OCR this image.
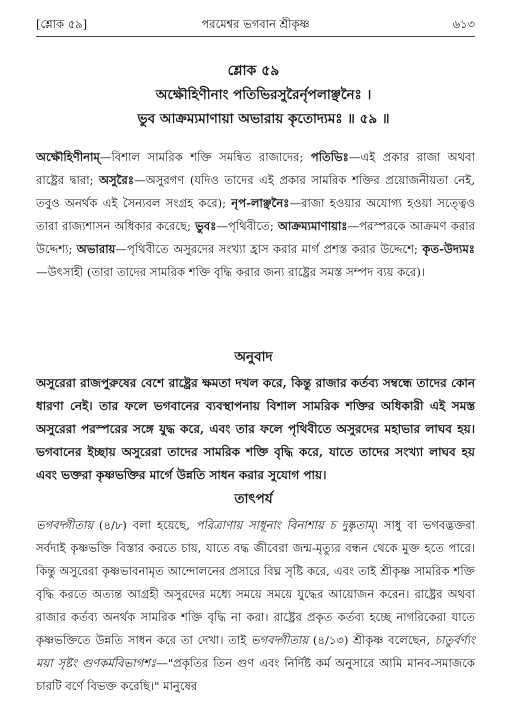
[শ্লোক ৫৯]	পরমেশ্বর ভগবান শ্রীকৃষ্ণ	৬১৩
শ্লোক ৫৯
অক্ষৌহিণীনাং পতিভিরসুরৈর্নৃপলাঞ্ছনৈঃ ।
ভুব আক্রম্যমাণায়া অভারায় কৃতোদ্যমঃ ॥ ৫৯ ॥

অক্ষৌহিণীনাম্—বিশাল সামরিক শক্তি সমন্বিত রাজাদের; পতিভিঃ—এই প্রকার রাজা অথবা রাষ্ট্রের দ্বারা; অসুরৈঃ—অসুরগণ (যদিও তাদের এই প্রকার সামরিক শক্তির প্রয়োজনীয়তা নেই, তবুও অনর্থক এই সৈন্যবল সংগ্রহ করে); নৃপ-লাঞ্ছনৈঃ—রাজা হওয়ার অযোগ্য হওয়া সত্ত্বেও তারা রাজ্যশাসন অধিকার করেছে; ভুবঃ—পৃথিবীতে; আক্রম্যমাণায়াঃ—পরস্পরকে আক্রমণ করার উদ্দেশ্য; অভারায়—পৃথিবীতে অসুরদের সংখ্যা হ্রাস করার মার্গ প্রশস্ত করার উদ্দেশে; কৃত-উদ্যমঃ—উৎসাহী (তারা তাদের সামরিক শক্তি বৃদ্ধি করার জন্য রাষ্ট্রের সমস্ত সম্পদ ব্যয় করে)।

অনুবাদ

অসুরেরা রাজপুরুষের বেশে রাষ্ট্রের ক্ষমতা দখল করে, কিন্তু রাজার কর্তব্য সম্বন্ধে তাদের কোন ধারণা নেই। তার ফলে ভগবানের ব্যবস্থাপনায় বিশাল সামরিক শক্তির অধিকারী এই সমস্ত অসুরেরা পরস্পরের সঙ্গে যুদ্ধ করে, এবং তার ফলে পৃথিবীতে অসুরদের মহাভার লাঘব হয়। ভগবানের ইচ্ছায় অসুরেরা তাদের সামরিক শক্তি বৃদ্ধি করে, যাতে তাদের সংখ্যা লাঘব হয় এবং ভক্তরা কৃষ্ণভক্তির মার্গে উন্নতি সাধন করার সুযোগ পায়।

তাৎপর্য

ভগবদ্গীতায় (৪/৮) বলা হয়েছে, পরিত্রাণায় সাধূনাং বিনাশায় চ দুষ্কৃতাম্। সাধু বা ভগবদ্ভক্তরা সর্বদাই কৃষ্ণভক্তি বিস্তার করতে চায়, যাতে বদ্ধ জীবেরা জন্ম-মৃত্যুর বন্ধন থেকে মুক্ত হতে পারে। কিন্তু অসুরেরা কৃষ্ণভাবনামৃত আন্দোলনের প্রসারে বিঘ্ন সৃষ্টি করে, এবং তাই শ্রীকৃষ্ণ সামরিক শক্তি বৃদ্ধি করতে অত্যন্ত আগ্রহী অসুরদের মধ্যে সময়ে সময়ে যুদ্ধের আয়োজন করেন। রাষ্ট্রের অথবা রাজার কর্তব্য অনর্থক সামরিক শক্তি বৃদ্ধি না করা। রাষ্ট্রের প্রকৃত কর্তব্য হচ্ছে নাগরিকেরা যাতে কৃষ্ণভক্তিতে উন্নতি সাধন করে তা দেখা। তাই ভগবদ্গীতায় (৪/১৩) শ্রীকৃষ্ণ বলেছেন, চাতুর্বর্ণ্যং ময়া সৃষ্টং গুণকর্মবিভাগশঃ—"প্রকৃতির তিন গুণ এবং নির্দিষ্ট কর্ম অনুসারে আমি মানব-সমাজকে চারটি বর্ণে বিভক্ত করেছি।" মানুষের
